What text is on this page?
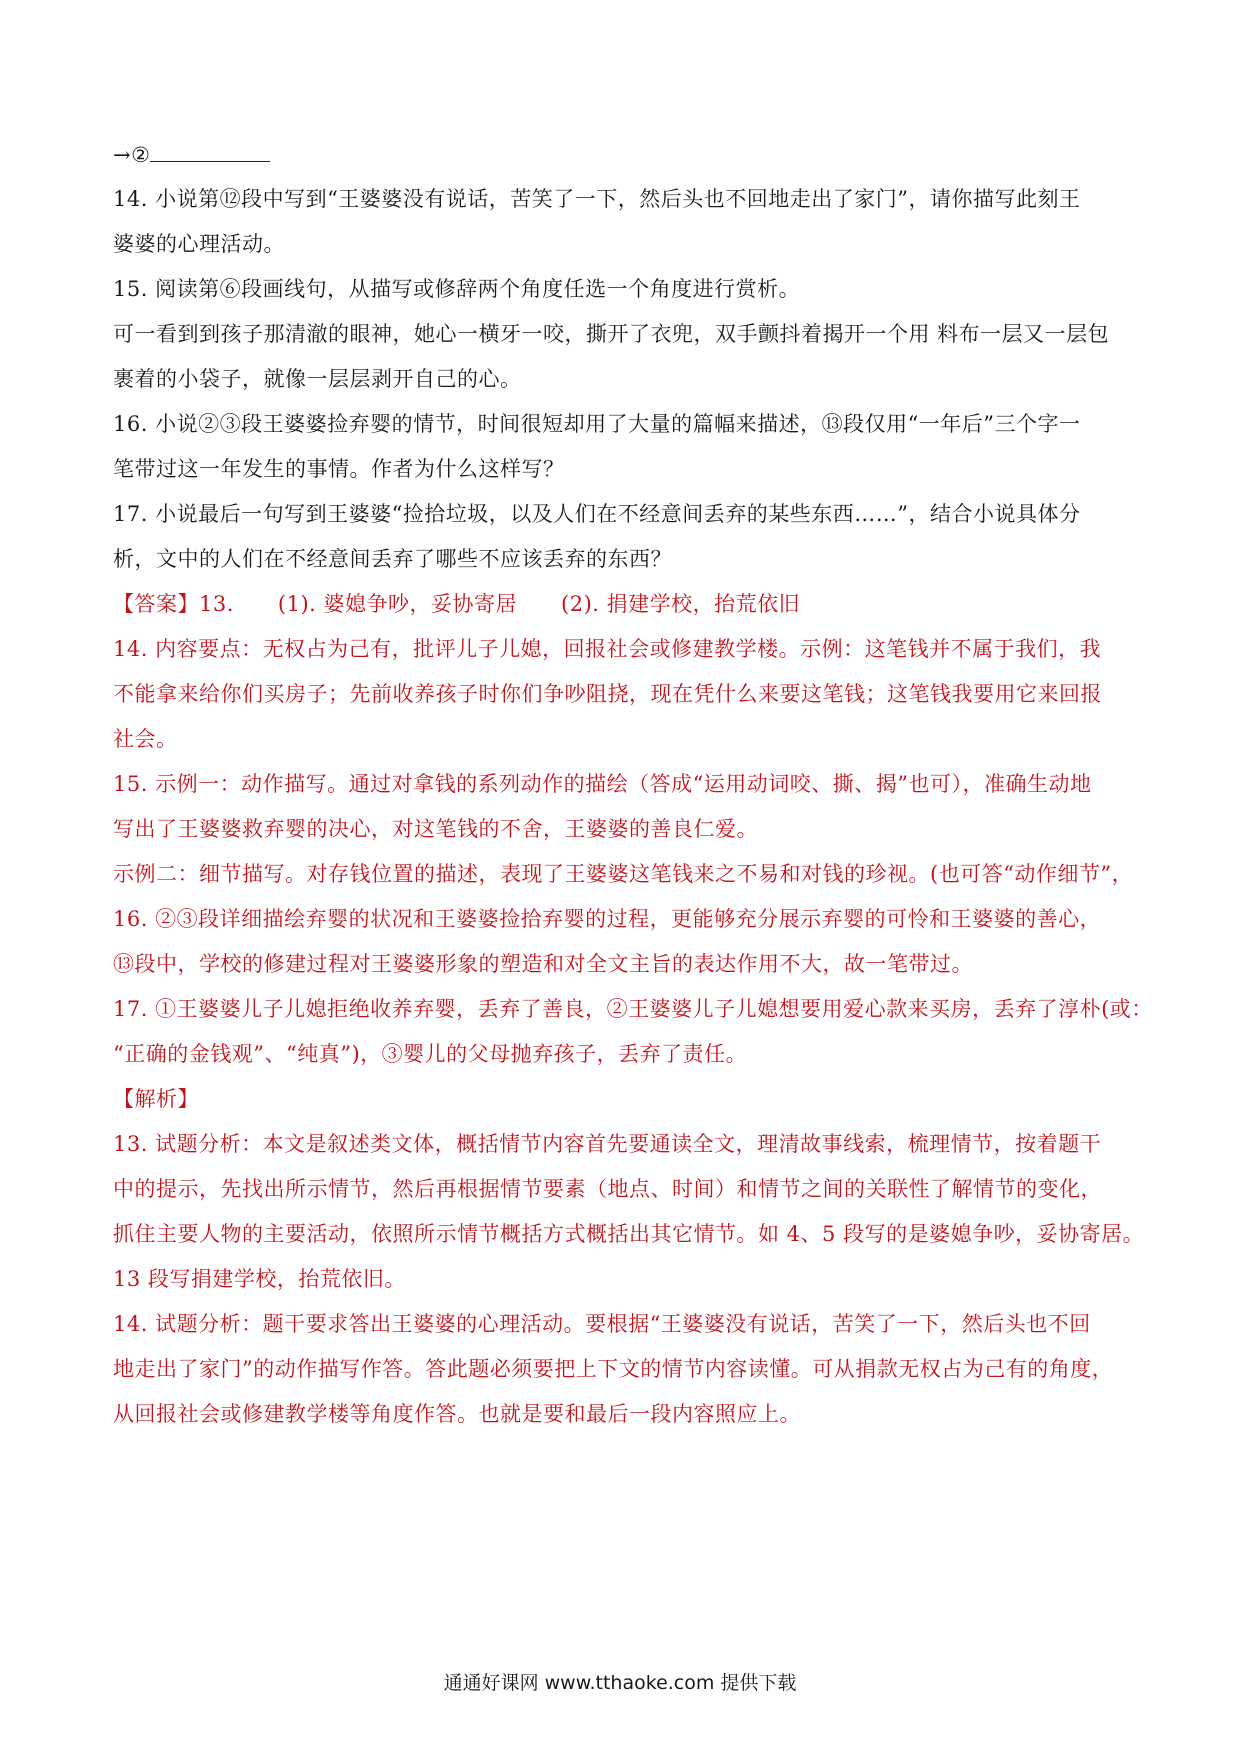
→②
14. 小说第⑫段中写到“王婆婆没有说话，苦笑了一下，然后头也不回地走出了家门”，请你描写此刻王
婆婆的心理活动。
15. 阅读第⑥段画线句，从描写或修辞两个角度任选一个角度进行赏析。
可一看到到孩子那清澈的眼神，她心一横牙一咬，撕开了衣兜，双手颤抖着揭开一个用 料布一层又一层包
裹着的小袋子，就像一层层剥开自己的心。
16. 小说②③段王婆婆捡弃婴的情节，时间很短却用了大量的篇幅来描述，⑬段仅用“一年后”三个字一
笔带过这一年发生的事情。作者为什么这样写？
17. 小说最后一句写到王婆婆“捡拾垃圾，以及人们在不经意间丢弃的某些东西……”，结合小说具体分
析，文中的人们在不经意间丢弃了哪些不应该丢弃的东西？
【答案】13. (1). 婆媳争吵，妥协寄居 (2). 捐建学校，抬荒依旧
14. 内容要点：无权占为己有，批评儿子儿媳，回报社会或修建教学楼。示例：这笔钱并不属于我们，我
不能拿来给你们买房子；先前收养孩子时你们争吵阻挠，现在凭什么来要这笔钱；这笔钱我要用它来回报
社会。
15. 示例一：动作描写。通过对拿钱的系列动作的描绘（答成“运用动词咬、撕、揭”也可），准确生动地
写出了王婆婆救弃婴的决心，对这笔钱的不舍，王婆婆的善良仁爱。
示例二：细节描写。对存钱位置的描述，表现了王婆婆这笔钱来之不易和对钱的珍视。(也可答“动作细节”，
16. ②③段详细描绘弃婴的状况和王婆婆捡拾弃婴的过程，更能够充分展示弃婴的可怜和王婆婆的善心，
⑬段中，学校的修建过程对王婆婆形象的塑造和对全文主旨的表达作用不大，故一笔带过。
17. ①王婆婆儿子儿媳拒绝收养弃婴，丢弃了善良，②王婆婆儿子儿媳想要用爱心款来买房，丢弃了淳朴(或：
“正确的金钱观”、“纯真”)，③婴儿的父母抛弃孩子，丢弃了责任。
【解析】
13. 试题分析：本文是叙述类文体，概括情节内容首先要通读全文，理清故事线索，梳理情节，按着题干
中的提示，先找出所示情节，然后再根据情节要素（地点、时间）和情节之间的关联性了解情节的变化，
抓住主要人物的主要活动，依照所示情节概括方式概括出其它情节。如 4、5 段写的是婆媳争吵，妥协寄居。
13 段写捐建学校，抬荒依旧。
14. 试题分析：题干要求答出王婆婆的心理活动。要根据“王婆婆没有说话，苦笑了一下，然后头也不回
地走出了家门”的动作描写作答。答此题必须要把上下文的情节内容读懂。可从捐款无权占为己有的角度，
从回报社会或修建教学楼等角度作答。也就是要和最后一段内容照应上。
通通好课网 www.tthaoke.com 提供下载
